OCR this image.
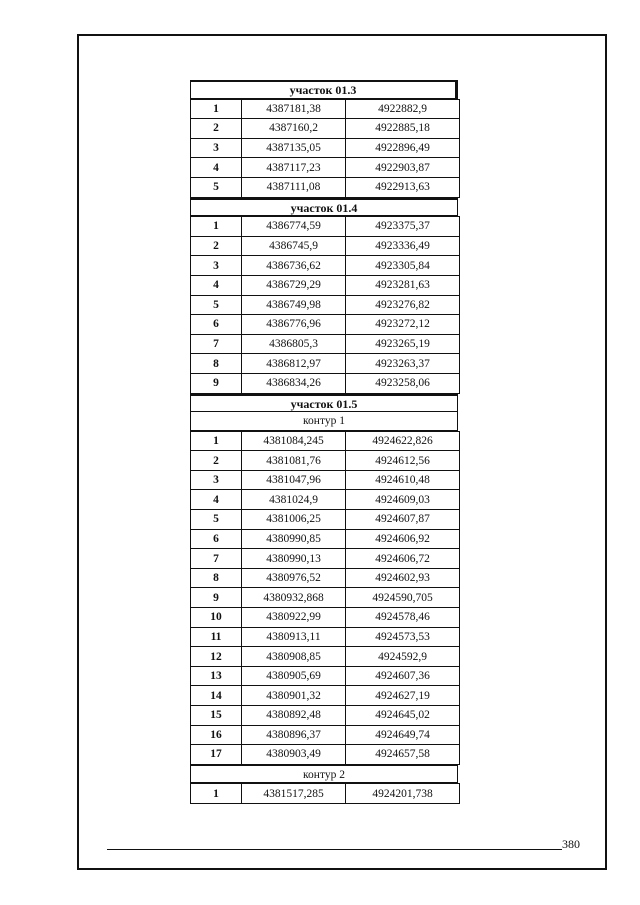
участок 01.3
1	4387181,38	4922882,9
2	4387160,2	4922885,18
3	4387135,05	4922896,49
4	4387117,23	4922903,87
5	4387111,08	4922913,63
участок 01.4
1	4386774,59	4923375,37
2	4386745,9	4923336,49
3	4386736,62	4923305,84
4	4386729,29	4923281,63
5	4386749,98	4923276,82
6	4386776,96	4923272,12
7	4386805,3	4923265,19
8	4386812,97	4923263,37
9	4386834,26	4923258,06
участок 01.5
контур 1
1	4381084,245	4924622,826
2	4381081,76	4924612,56
3	4381047,96	4924610,48
4	4381024,9	4924609,03
5	4381006,25	4924607,87
6	4380990,85	4924606,92
7	4380990,13	4924606,72
8	4380976,52	4924602,93
9	4380932,868	4924590,705
10	4380922,99	4924578,46
11	4380913,11	4924573,53
12	4380908,85	4924592,9
13	4380905,69	4924607,36
14	4380901,32	4924627,19
15	4380892,48	4924645,02
16	4380896,37	4924649,74
17	4380903,49	4924657,58
контур 2
1	4381517,285	4924201,738
380
